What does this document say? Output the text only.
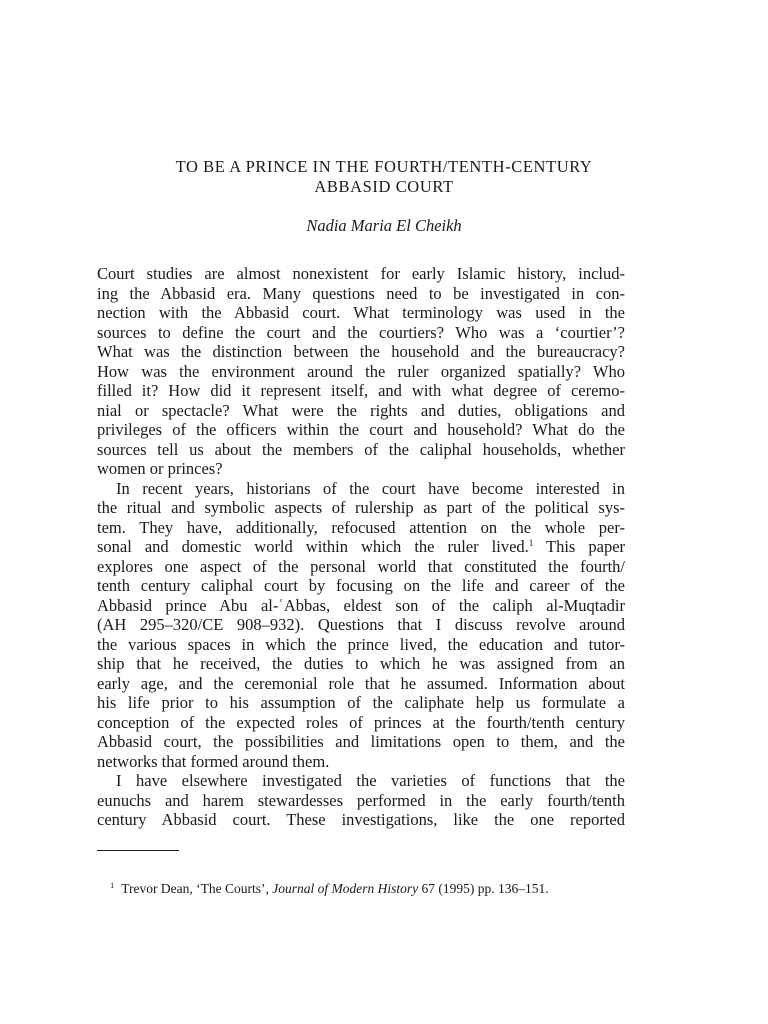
TO BE A PRINCE IN THE FOURTH/TENTH-CENTURY
ABBASID COURT
Nadia Maria El Cheikh
Court studies are almost nonexistent for early Islamic history, includ-
ing the Abbasid era. Many questions need to be investigated in con-
nection with the Abbasid court. What terminology was used in the
sources to define the court and the courtiers? Who was a ‘courtier’?
What was the distinction between the household and the bureaucracy?
How was the environment around the ruler organized spatially? Who
filled it? How did it represent itself, and with what degree of ceremo-
nial or spectacle? What were the rights and duties, obligations and
privileges of the officers within the court and household? What do the
sources tell us about the members of the caliphal households, whether
women or princes?
In recent years, historians of the court have become interested in
the ritual and symbolic aspects of rulership as part of the political sys-
tem. They have, additionally, refocused attention on the whole per-
sonal and domestic world within which the ruler lived.$^1$ This paper
explores one aspect of the personal world that constituted the fourth/
tenth century caliphal court by focusing on the life and career of the
Abbasid prince Abu al-ʿAbbas, eldest son of the caliph al-Muqtadir
(AH 295–320/CE 908–932). Questions that I discuss revolve around
the various spaces in which the prince lived, the education and tutor-
ship that he received, the duties to which he was assigned from an
early age, and the ceremonial role that he assumed. Information about
his life prior to his assumption of the caliphate help us formulate a
conception of the expected roles of princes at the fourth/tenth century
Abbasid court, the possibilities and limitations open to them, and the
networks that formed around them.
I have elsewhere investigated the varieties of functions that the
eunuchs and harem stewardesses performed in the early fourth/tenth
century Abbasid court. These investigations, like the one reported
$^1$ Trevor Dean, ‘The Courts’, Journal of Modern History 67 (1995) pp. 136–151.
